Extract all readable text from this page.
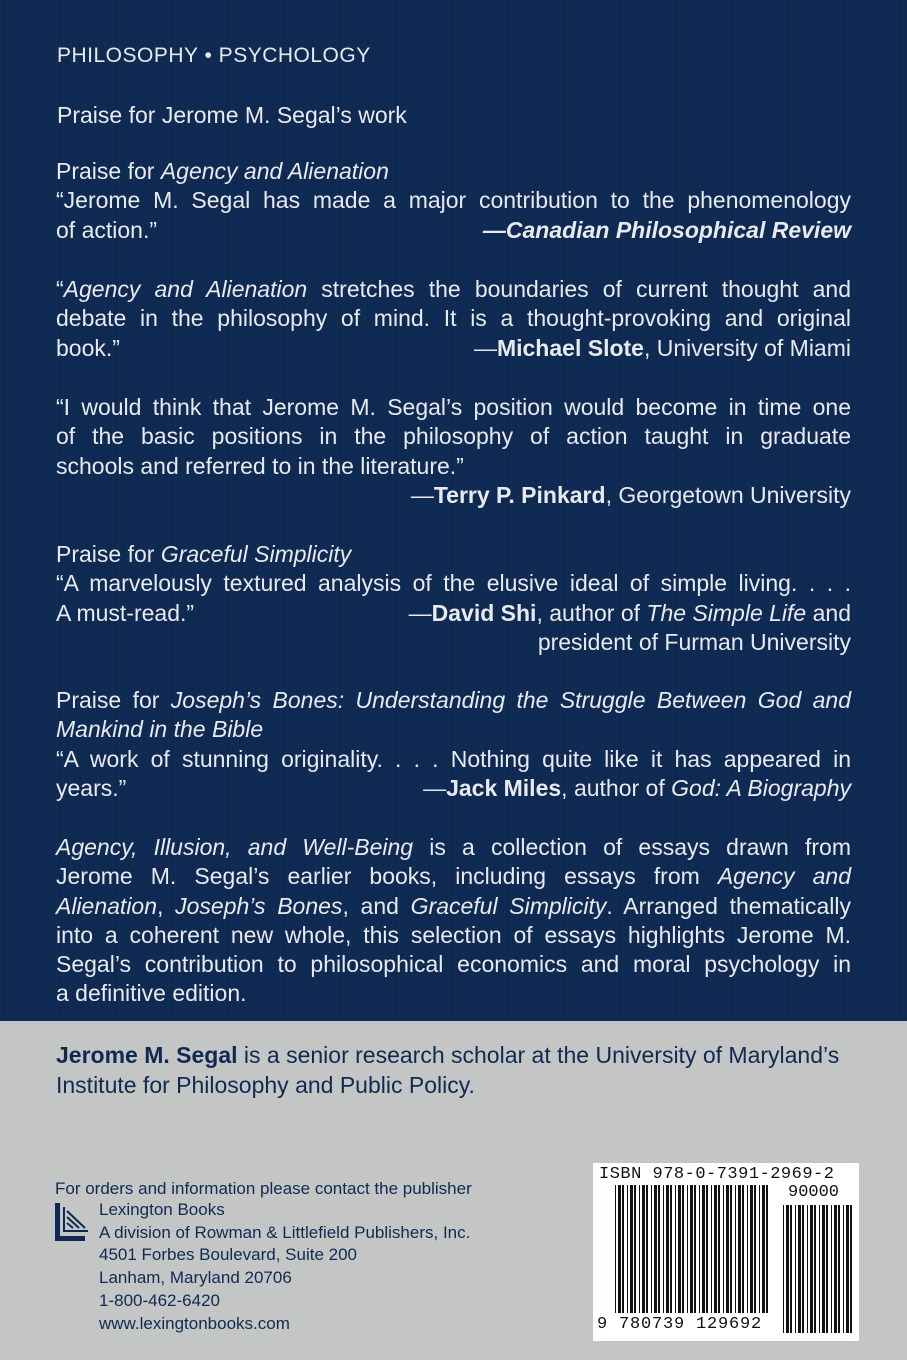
PHILOSOPHY • PSYCHOLOGY
Praise for Jerome M. Segal’s work
Praise for Agency and Alienation
“Jerome M. Segal has made a major contribution to the phenomenology
of action.”	—Canadian Philosophical Review
“Agency and Alienation stretches the boundaries of current thought and
debate in the philosophy of mind. It is a thought-provoking and original
book.”	—Michael Slote, University of Miami
“I would think that Jerome M. Segal’s position would become in time one
of the basic positions in the philosophy of action taught in graduate
schools and referred to in the literature.”
—Terry P. Pinkard, Georgetown University
Praise for Graceful Simplicity
“A marvelously textured analysis of the elusive ideal of simple living. . . .
A must-read.”	—David Shi, author of The Simple Life and
president of Furman University
Praise for Joseph’s Bones: Understanding the Struggle Between God and
Mankind in the Bible
“A work of stunning originality. . . . Nothing quite like it has appeared in
years.”	—Jack Miles, author of God: A Biography
Agency, Illusion, and Well-Being is a collection of essays drawn from
Jerome M. Segal’s earlier books, including essays from Agency and
Alienation, Joseph’s Bones, and Graceful Simplicity. Arranged thematically
into a coherent new whole, this selection of essays highlights Jerome M.
Segal’s contribution to philosophical economics and moral psychology in
a definitive edition.
Jerome M. Segal is a senior research scholar at the University of Maryland’s
Institute for Philosophy and Public Policy.
For orders and information please contact the publisher
Lexington Books
A division of Rowman & Littlefield Publishers, Inc.
4501 Forbes Boulevard, Suite 200
Lanham, Maryland 20706
1-800-462-6420
www.lexingtonbooks.com
ISBN 978-0-7391-2969-2
90000
9 780739 129692
